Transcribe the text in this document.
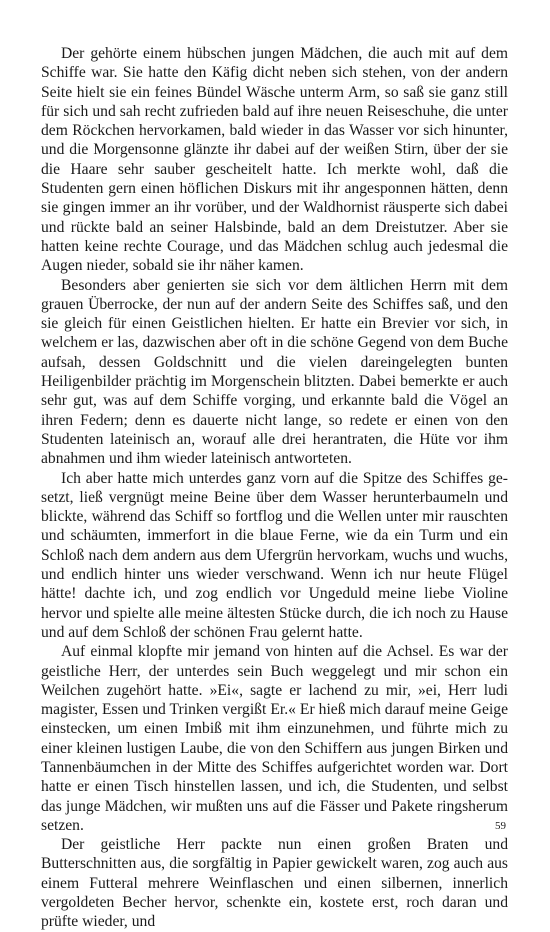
Der gehörte einem hübschen jungen Mädchen, die auch mit auf dem Schiffe war. Sie hatte den Käfig dicht neben sich stehen, von der andern Seite hielt sie ein feines Bündel Wäsche unterm Arm, so saß sie ganz still für sich und sah recht zufrieden bald auf ihre neuen Reiseschuhe, die unter dem Röckchen hervorkamen, bald wieder in das Wasser vor sich hinunter, und die Morgensonne glänzte ihr dabei auf der weißen Stirn, über der sie die Haare sehr sauber gescheitelt hatte. Ich merkte wohl, daß die Studenten gern einen höflichen Diskurs mit ihr angesponnen hätten, denn sie gingen immer an ihr vorüber, und der Waldhornist räusperte sich dabei und rückte bald an seiner Halsbinde, bald an dem Dreistutzer. Aber sie hatten keine rechte Courage, und das Mädchen schlug auch jedesmal die Augen nieder, sobald sie ihr näher kamen.

Besonders aber genierten sie sich vor dem ältlichen Herrn mit dem grauen Überrocke, der nun auf der andern Seite des Schiffes saß, und den sie gleich für einen Geistlichen hielten. Er hatte ein Brevier vor sich, in welchem er las, dazwischen aber oft in die schöne Gegend von dem Buche aufsah, dessen Goldschnitt und die vielen dareingelegten bunten Heiligenbilder prächtig im Morgenschein blitzten. Dabei bemerkte er auch sehr gut, was auf dem Schiffe vorging, und erkannte bald die Vögel an ihren Federn; denn es dauerte nicht lange, so redete er einen von den Studenten lateinisch an, worauf alle drei herantraten, die Hüte vor ihm abnahmen und ihm wieder lateinisch antworteten.

Ich aber hatte mich unterdes ganz vorn auf die Spitze des Schiffes gesetzt, ließ vergnügt meine Beine über dem Wasser herunterbaumeln und blickte, während das Schiff so fortflog und die Wellen unter mir rauschten und schäumten, immerfort in die blaue Ferne, wie da ein Turm und ein Schloß nach dem andern aus dem Ufergrün hervorkam, wuchs und wuchs, und endlich hinter uns wieder verschwand. Wenn ich nur heute Flügel hätte! dachte ich, und zog endlich vor Ungeduld meine liebe Violine hervor und spielte alle meine ältesten Stücke durch, die ich noch zu Hause und auf dem Schloß der schönen Frau gelernt hatte.

Auf einmal klopfte mir jemand von hinten auf die Achsel. Es war der geistliche Herr, der unterdes sein Buch weggelegt und mir schon ein Weilchen zugehört hatte. »Ei«, sagte er lachend zu mir, »ei, Herr ludi magister, Essen und Trinken vergißt Er.« Er hieß mich darauf meine Geige einstecken, um einen Imbiß mit ihm einzunehmen, und führte mich zu einer kleinen lustigen Laube, die von den Schiffern aus jungen Birken und Tannenbäumchen in der Mitte des Schiffes aufgerichtet worden war. Dort hatte er einen Tisch hinstellen lassen, und ich, die Studenten, und selbst das junge Mädchen, wir mußten uns auf die Fässer und Pakete ringsherum setzen.

Der geistliche Herr packte nun einen großen Braten und Butterschnitten aus, die sorgfältig in Papier gewickelt waren, zog auch aus einem Futteral mehrere Weinflaschen und einen silbernen, innerlich vergoldeten Becher hervor, schenkte ein, kostete erst, roch daran und prüfte wieder, und

59
